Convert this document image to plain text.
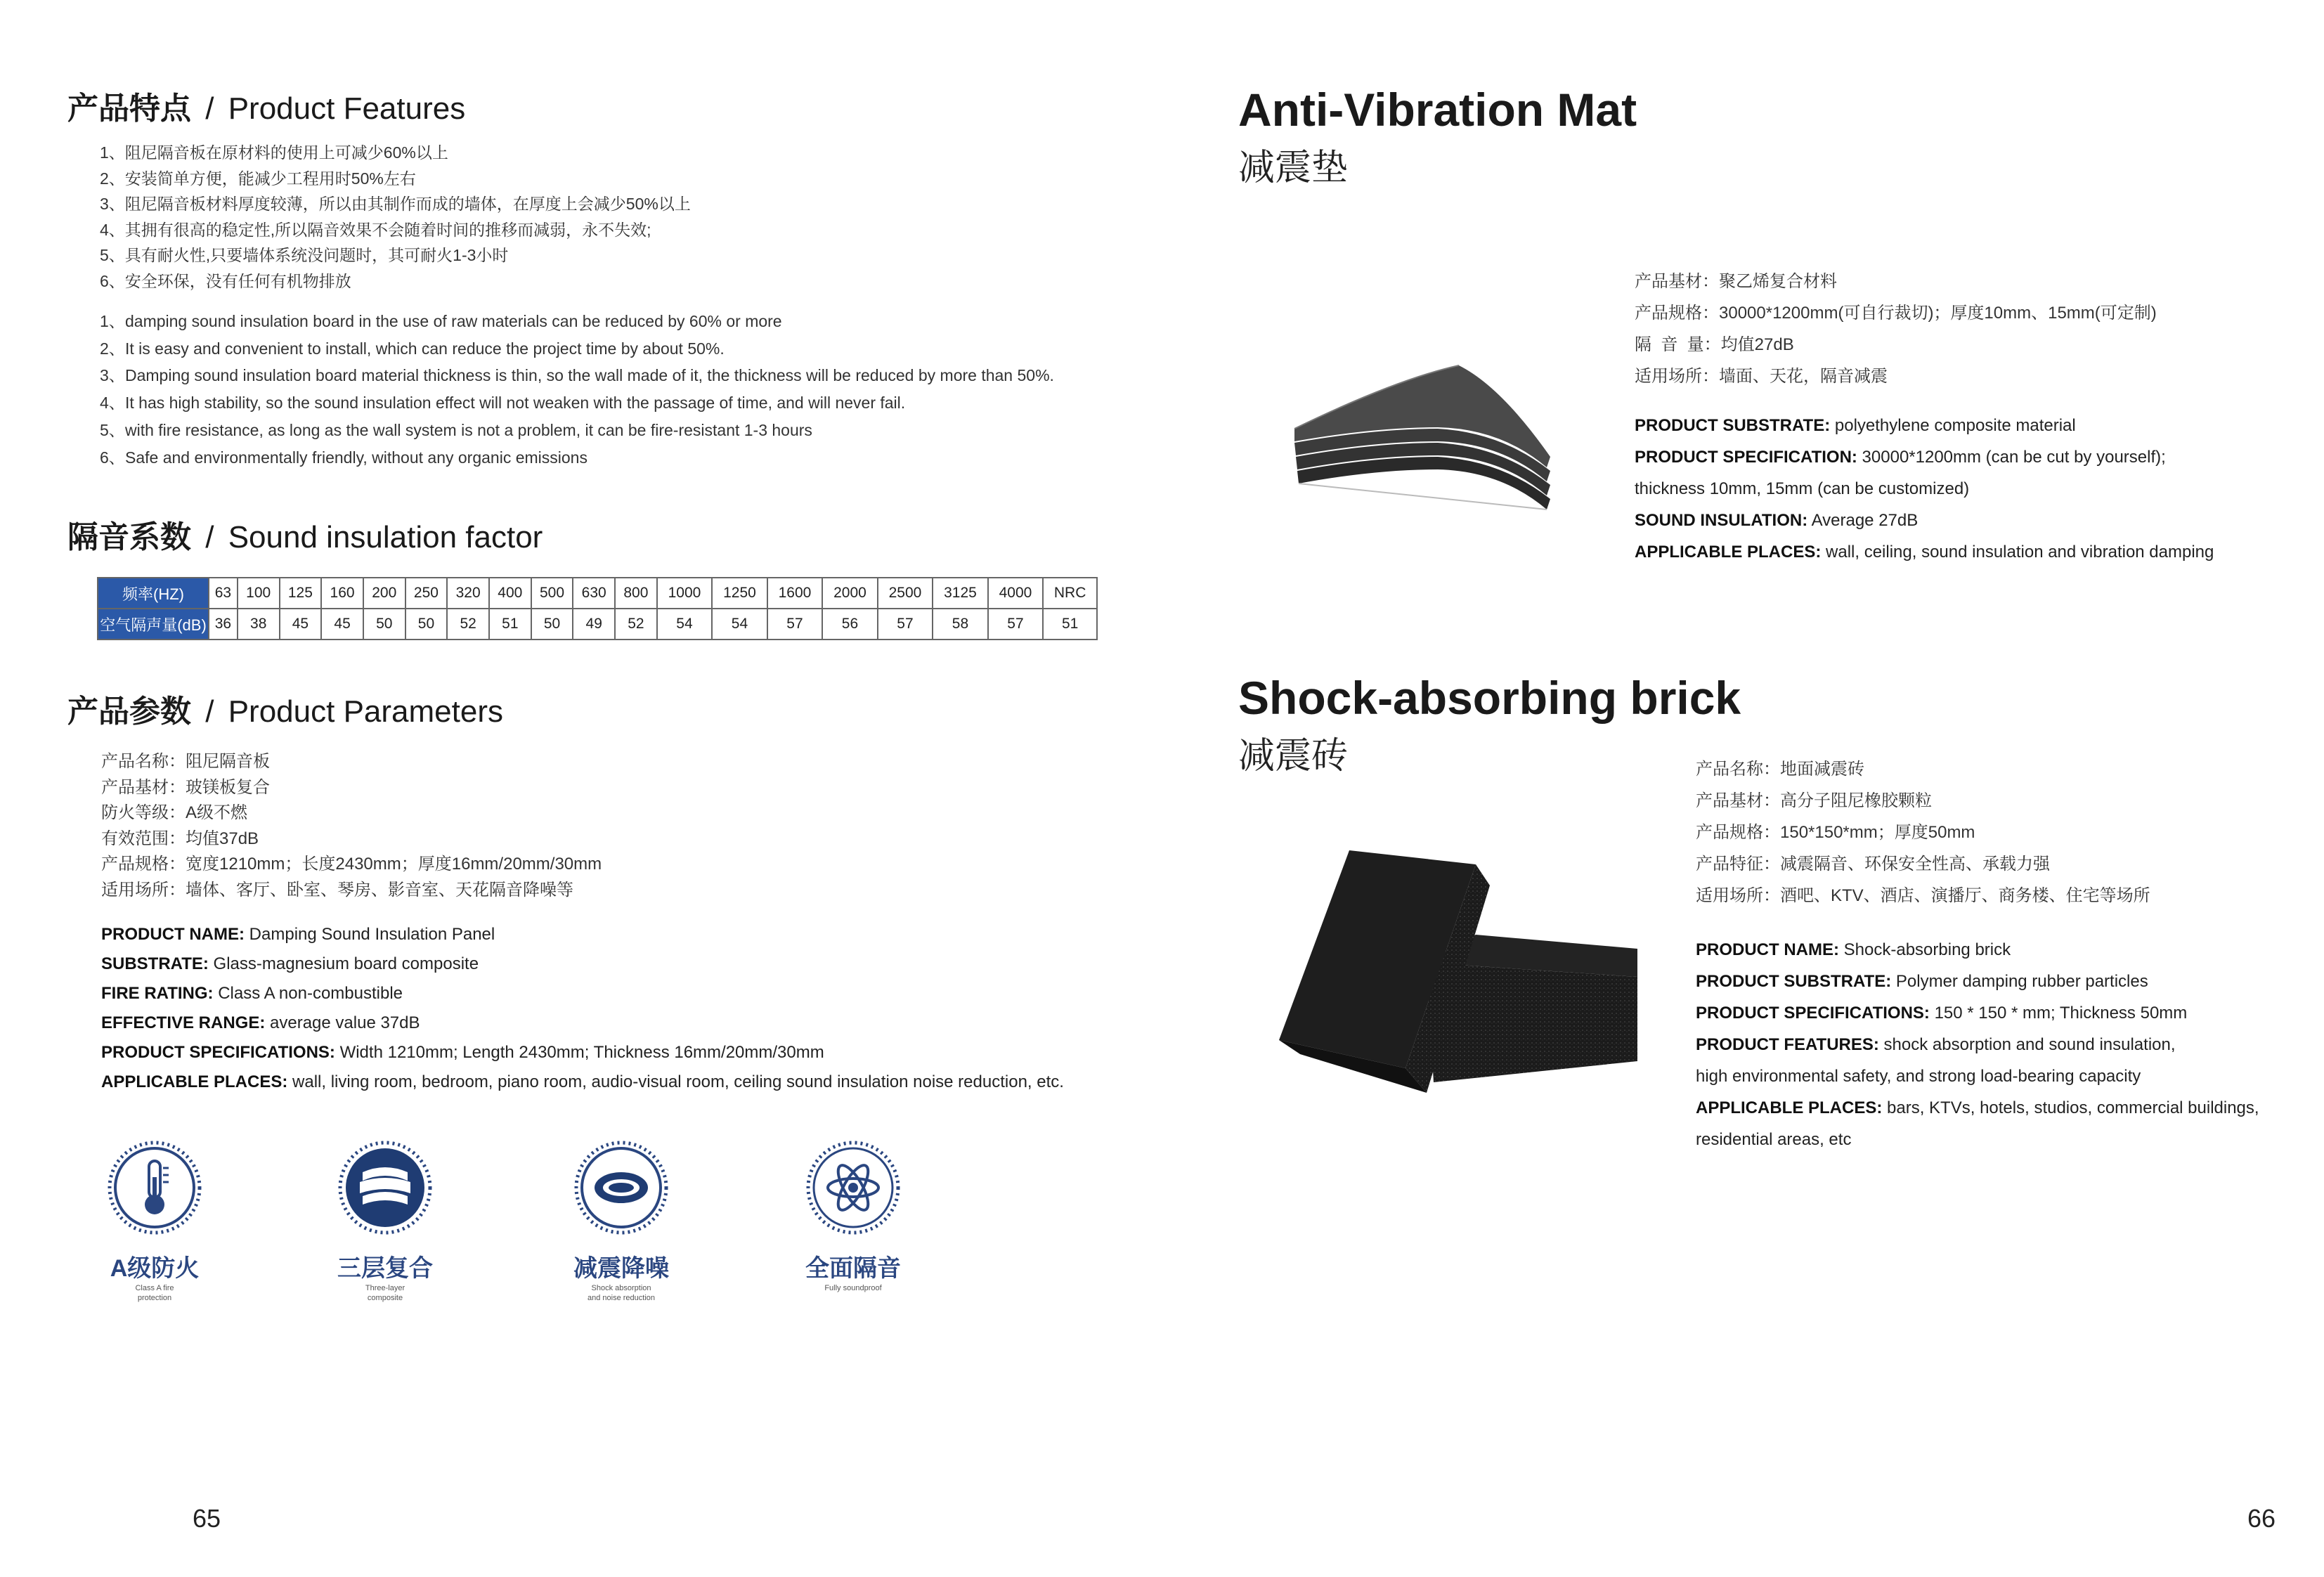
产品特点 / Product Features
1、阻尼隔音板在原材料的使用上可减少60%以上
2、安装简单方便，能减少工程用时50%左右
3、阻尼隔音板材料厚度较薄，所以由其制作而成的墙体，在厚度上会减少50%以上
4、其拥有很高的稳定性,所以隔音效果不会随着时间的推移而减弱，永不失效;
5、具有耐火性,只要墙体系统没问题时，其可耐火1-3小时
6、安全环保，没有任何有机物排放
1、damping sound insulation board in the use of raw materials can be reduced by 60% or more
2、It is easy and convenient to install, which can reduce the project time by about 50%.
3、Damping sound insulation board material thickness is thin, so the wall made of it, the thickness will be reduced by more than 50%.
4、It has high stability, so the sound insulation effect will not weaken with the passage of time, and will never fail.
5、with fire resistance, as long as the wall system is not a problem, it can be fire-resistant 1-3 hours
6、Safe and environmentally friendly, without any organic emissions
隔音系数 / Sound insulation factor
频率(HZ)	63	100	125	160	200	250	320	400	500	630	800	1000	1250	1600	2000	2500	3125	4000	NRC
空气隔声量(dB)	36	38	45	45	50	50	52	51	50	49	52	54	54	57	56	57	58	57	51
产品参数 / Product Parameters
产品名称：阻尼隔音板
产品基材：玻镁板复合
防火等级：A级不燃
有效范围：均值37dB
产品规格：宽度1210mm；长度2430mm；厚度16mm/20mm/30mm
适用场所：墙体、客厅、卧室、琴房、影音室、天花隔音降噪等
PRODUCT NAME: Damping Sound Insulation Panel
SUBSTRATE: Glass-magnesium board composite
FIRE RATING: Class A non-combustible
EFFECTIVE RANGE: average value 37dB
PRODUCT SPECIFICATIONS: Width 1210mm; Length 2430mm; Thickness 16mm/20mm/30mm
APPLICABLE PLACES: wall, living room, bedroom, piano room, audio-visual room, ceiling sound insulation noise reduction, etc.
A级防火
Class A fire
protection
三层复合
Three-layer
composite
减震降噪
Shock absorption
and noise reduction
全面隔音
Fully soundproof
65
Anti-Vibration Mat
减震垫
产品基材：聚乙烯复合材料
产品规格：30000*1200mm(可自行裁切)；厚度10mm、15mm(可定制)
隔  音  量：均值27dB
适用场所：墙面、天花，隔音减震
PRODUCT SUBSTRATE: polyethylene composite material
PRODUCT SPECIFICATION: 30000*1200mm (can be cut by yourself);
thickness 10mm, 15mm (can be customized)
SOUND INSULATION: Average 27dB
APPLICABLE PLACES: wall, ceiling, sound insulation and vibration damping
Shock-absorbing brick
减震砖	产品名称：地面减震砖
产品基材：高分子阻尼橡胶颗粒
产品规格：150*150*mm；厚度50mm
产品特征：减震隔音、环保安全性高、承载力强
适用场所：酒吧、KTV、酒店、演播厅、商务楼、住宅等场所
PRODUCT NAME: Shock-absorbing brick
PRODUCT SUBSTRATE: Polymer damping rubber particles
PRODUCT SPECIFICATIONS: 150 * 150 * mm; Thickness 50mm
PRODUCT FEATURES: shock absorption and sound insulation,
high environmental safety, and strong load-bearing capacity
APPLICABLE PLACES: bars, KTVs, hotels, studios, commercial buildings,
residential areas, etc
66
